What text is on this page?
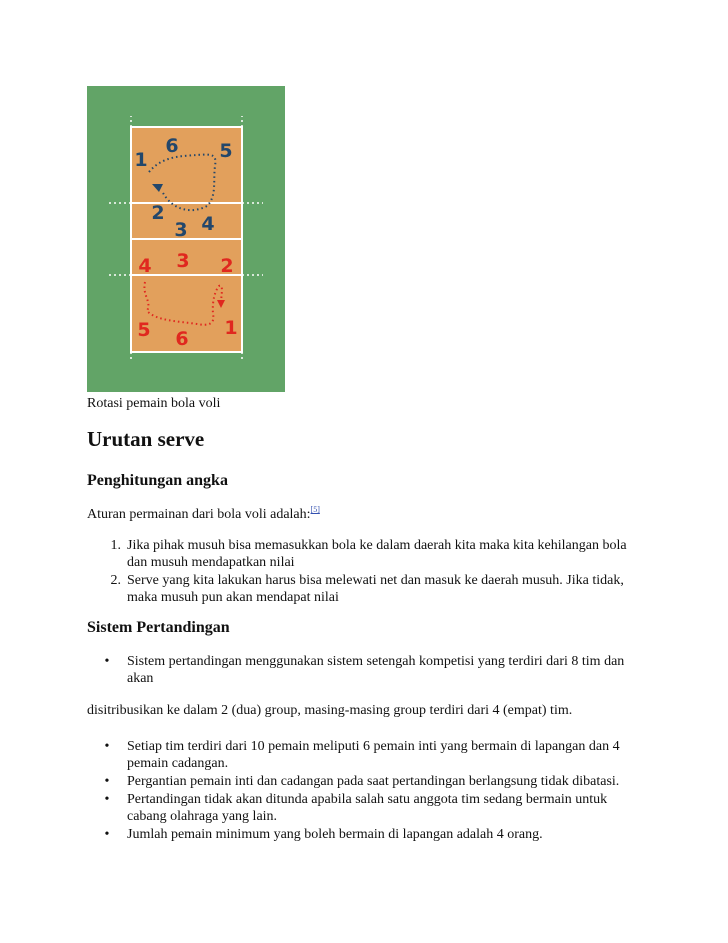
1
6 5
2
3 4
4 3 2
5 6 1
Rotasi pemain bola voli
Urutan serve
Penghitungan angka
Aturan permainan dari bola voli adalah:[5]
1. Jika pihak musuh bisa memasukkan bola ke dalam daerah kita maka kita kehilangan bola dan musuh mendapatkan nilai
2. Serve yang kita lakukan harus bisa melewati net dan masuk ke daerah musuh. Jika tidak, maka musuh pun akan mendapat nilai
Sistem Pertandingan
•	Sistem pertandingan menggunakan sistem setengah kompetisi yang terdiri dari 8 tim dan akan
disitribusikan ke dalam 2 (dua) group, masing-masing group terdiri dari 4 (empat) tim.
•	Setiap tim terdiri dari 10 pemain meliputi 6 pemain inti yang bermain di lapangan dan 4 pemain cadangan.
•	Pergantian pemain inti dan cadangan pada saat pertandingan berlangsung tidak dibatasi.
•	Pertandingan tidak akan ditunda apabila salah satu anggota tim sedang bermain untuk cabang olahraga yang lain.
•	Jumlah pemain minimum yang boleh bermain di lapangan adalah 4 orang.
